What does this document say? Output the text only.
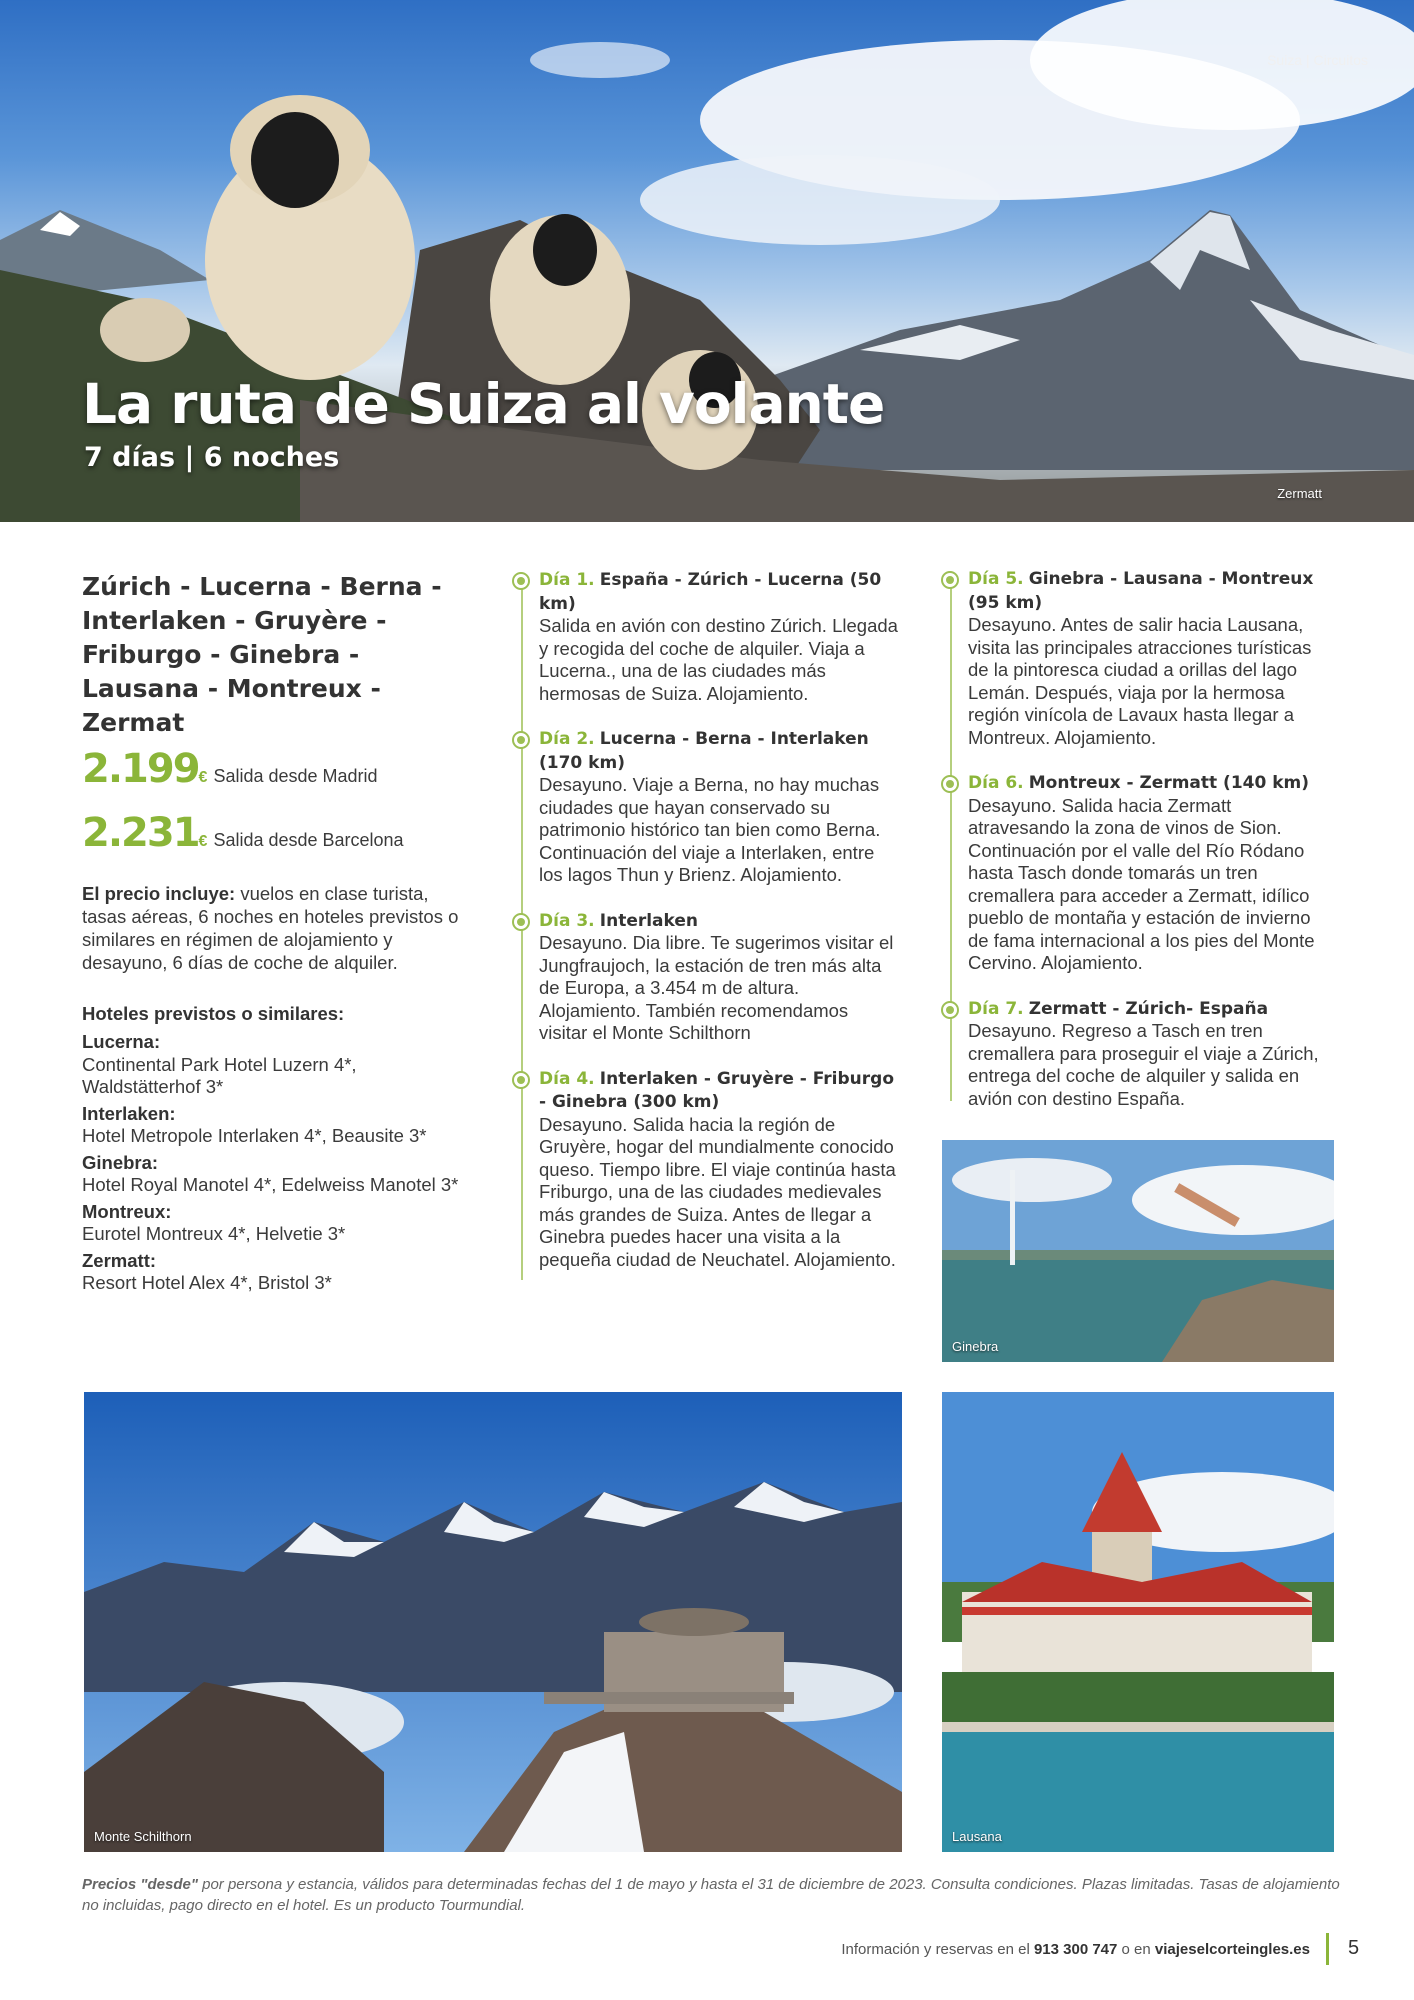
Suiza | Circuitos
La ruta de Suiza al volante
7 días | 6 noches
Zermatt
Zúrich - Lucerna - Berna - Interlaken - Gruyère - Friburgo - Ginebra - Lausana - Montreux - Zermat
2.199 € Salida desde Madrid
2.231 € Salida desde Barcelona
El precio incluye: vuelos en clase turista, tasas aéreas, 6 noches en hoteles previstos o similares en régimen de alojamiento y desayuno, 6 días de coche de alquiler.
Hoteles previstos o similares:
Lucerna:
Continental Park Hotel Luzern 4*, Waldstätterhof 3*
Interlaken:
Hotel Metropole Interlaken 4*, Beausite 3*
Ginebra:
Hotel Royal Manotel 4*, Edelweiss Manotel 3*
Montreux:
Eurotel Montreux 4*, Helvetie 3*
Zermatt:
Resort Hotel Alex 4*, Bristol 3*
Día 1. España - Zúrich - Lucerna (50 km)
Salida en avión con destino Zúrich. Llegada y recogida del coche de alquiler. Viaja a Lucerna., una de las ciudades más hermosas de Suiza. Alojamiento.
Día 2. Lucerna - Berna - Interlaken (170 km)
Desayuno. Viaje a Berna, no hay muchas ciudades que hayan conservado su patrimonio histórico tan bien como Berna. Continuación del viaje a Interlaken, entre los lagos Thun y Brienz. Alojamiento.
Día 3. Interlaken
Desayuno. Dia libre. Te sugerimos visitar el Jungfraujoch, la estación de tren más alta de Europa, a 3.454 m de altura. Alojamiento. También recomendamos visitar el Monte Schilthorn
Día 4. Interlaken - Gruyère - Friburgo - Ginebra (300 km)
Desayuno. Salida hacia la región de Gruyère, hogar del mundialmente conocido queso. Tiempo libre. El viaje continúa hasta Friburgo, una de las ciudades medievales más grandes de Suiza. Antes de llegar a Ginebra puedes hacer una visita a la pequeña ciudad de Neuchatel. Alojamiento.
Día 5. Ginebra - Lausana - Montreux (95 km)
Desayuno. Antes de salir hacia Lausana, visita las principales atracciones turísticas de la pintoresca ciudad a orillas del lago Lemán. Después, viaja por la hermosa región vinícola de Lavaux hasta llegar a Montreux. Alojamiento.
Día 6. Montreux - Zermatt (140 km)
Desayuno. Salida hacia Zermatt atravesando la zona de vinos de Sion. Continuación por el valle del Río Ródano hasta Tasch donde tomarás un tren cremallera para acceder a Zermatt, idílico pueblo de montaña y estación de invierno de fama internacional a los pies del Monte Cervino. Alojamiento.
Día 7. Zermatt - Zúrich- España
Desayuno. Regreso a Tasch en tren cremallera para proseguir el viaje a Zúrich, entrega del coche de alquiler y salida en avión con destino España.
Ginebra
Monte Schilthorn	Lausana
Precios "desde" por persona y estancia, válidos para determinadas fechas del 1 de mayo y hasta el 31 de diciembre de 2023. Consulta condiciones. Plazas limitadas. Tasas de alojamiento no incluidas, pago directo en el hotel. Es un producto Tourmundial.
Información y reservas en el 913 300 747 o en viajeselcorteingles.es 5
